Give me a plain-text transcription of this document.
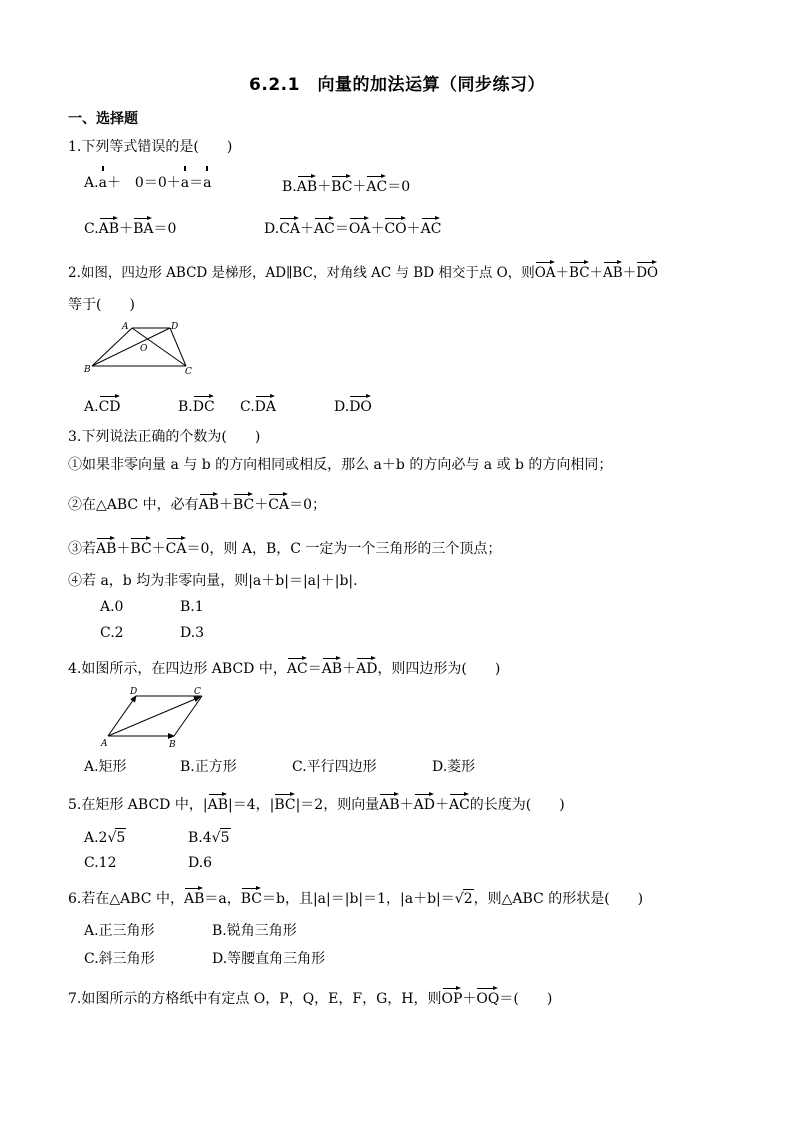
6.2.1　向量的加法运算（同步练习）
一、选择题
1.下列等式错误的是(　　)
A.a＋　0＝0＋a＝a	B.AB＋BC＋AC＝0
C.AB＋BA＝0	D.CA＋AC＝OA＋CO＋AC
2.如图，四边形 ABCD 是梯形，AD∥BC，对角线 AC 与 BD 相交于点 O，则OA＋BC＋AB＋DO
等于(　　)
A	D
O
B	C
A.CD	B.DC C.DA	D.DO
3.下列说法正确的个数为(　　)
①如果非零向量 a 与 b 的方向相同或相反，那么 a＋b 的方向必与 a 或 b 的方向相同；
②在△ABC 中，必有AB＋BC＋CA＝0；
③若AB＋BC＋CA＝0，则 A，B，C 一定为一个三角形的三个顶点；
④若 a，b 均为非零向量，则|a＋b|＝|a|＋|b|.
A.0	B.1
C.2	D.3
4.如图所示，在四边形 ABCD 中，AC＝AB＋AD，则四边形为(　　)
D	C
A	B
A.矩形	B.正方形	C.平行四边形	D.菱形
5.在矩形 ABCD 中，|AB|＝4，|BC|＝2，则向量AB＋AD＋AC的长度为(　　)
A.2√5	B.4√5
C.12	D.6
6.若在△ABC 中，AB＝a，BC＝b，且|a|＝|b|＝1，|a＋b|＝√2，则△ABC 的形状是(　　)
A.正三角形	B.锐角三角形
C.斜三角形	D.等腰直角三角形
7.如图所示的方格纸中有定点 O，P，Q，E，F，G，H，则OP＋OQ＝(　　)
